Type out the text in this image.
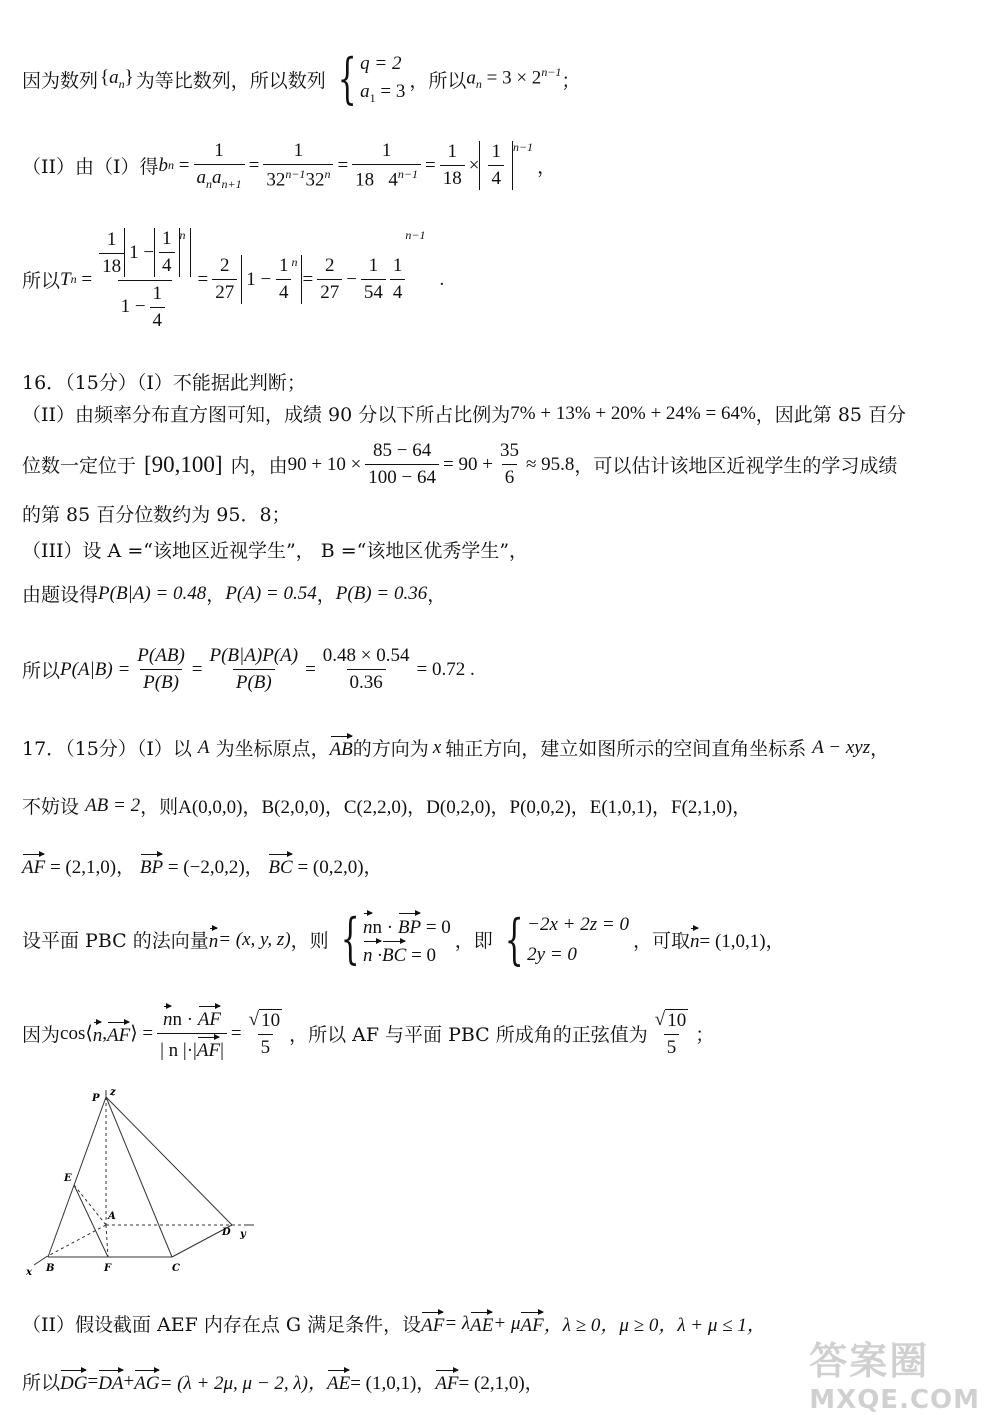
因为数列 $\{a_n\}$ 为等比数列，所以数列 { q = 2
$a_1 = 3$
，所以 $a_n = 3 \times 2^{n-1}$ ；
（II）由（I）得 b $n = \frac{1}{a_na_{n+1}} = \frac{1}{32^{n-1}32^n} = \frac{1}{18 4^{n-1}} = \frac{1}{18} \times \frac{1}{4} ^{n-1}$
，
所以 T $n = \frac{\frac{1}{18} 1 - \frac{1}{4} ^n}{1 - \frac{1}{4}} = \frac{2}{27} 1$ −
$\frac{1}{4}^n$
= $\frac{2}{27} - \frac{1}{54} \frac{1}{4}$
n−1
.
16．（15分）（I）不能据此判断；
（II）由频率分布直方图可知，成绩 90 分以下所占比例为 7% + 13% + 20% + 24% = 64% ，因此第 85 百分
位数一定位于 [90,100] 内，由 $90 + 10 \times \frac{85 - 64}{100 - 64} = 90 + \frac{35}{6} \approx 95.8$ ，可以估计该地区近视学生的学习成绩
的第 85 百分位数约为 95．8；
（III）设 A =“该地区近视学生”， B =“该地区优秀学生”，
由题设得 P(B|A) = 0.48 ， P(A) = 0.54 ， P(B) = 0.36 ，
所以 $P(A|B) = \frac{P(AB)}{P(B)} = \frac{P(B|A)P(A)}{P(B)} = \frac{0.48 \times 0.54}{0.36} = 0.72$ .
17．（15分）（I）以
A
为坐标原点， AB 的方向为 x 轴正方向，建立如图所示的空间直角坐标系 A − xyz ，
不妨设
AB = 2 ，则 A(0,0,0)，B(2,0,0)，C(2,2,0)，D(0,2,0)，P(0,0,2)，E(1,0,1)，F(2,1,0) ，
AF
= (2,1,0)，
BP
= (−2,0,2)，
BC
= (0,2,0)，
设平面 PBC 的法向量 n = (x, y, z) ，则 { nn · BP = 0
n ·BC = 0
，即 { −2x + 2z = 0
2y = 0
，可取 n = (1,0,1)，
因为 cos⟨ n , AF ⟩ = $\frac{nn \cdot AF}{| n |\cdot|AF|} = \frac{√ 10}{5}$ ，所以 AF 与平面 PBC 所成角的正弦值为 $\frac{√ 10}{5}$ ；
z
P
E
A
D y
x B	F	C
（II）假设截面 AEF 内存在点 G 满足条件，设 AF = λ AE + μ AF ，λ ≥ 0，μ ≥ 0，λ + μ ≤ 1，
所以 DG = DA + AG = (λ + 2μ, μ − 2, λ)， AE = (1,0,1)， AF = (2,1,0)，
答案圈
MXQE.COM
